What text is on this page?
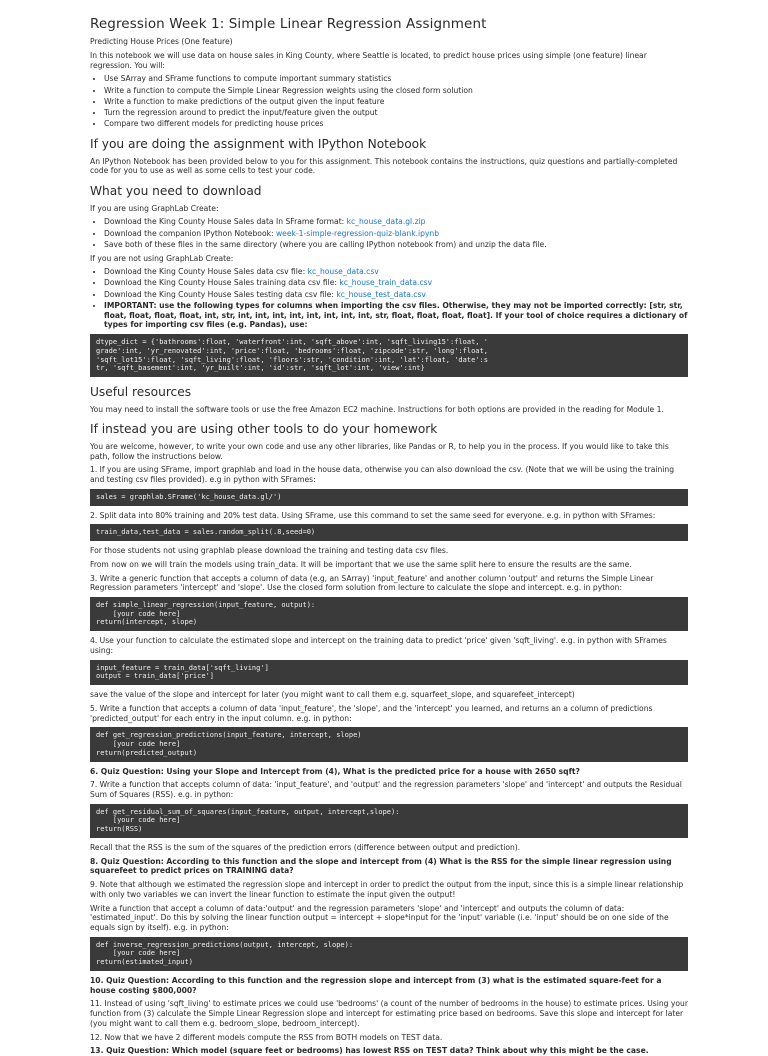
Regression Week 1: Simple Linear Regression Assignment

Predicting House Prices (One feature)

In this notebook we will use data on house sales in King County, where Seattle is located, to predict house prices using simple (one feature) linear regression. You will:

• Use SArray and SFrame functions to compute important summary statistics
• Write a function to compute the Simple Linear Regression weights using the closed form solution
• Write a function to make predictions of the output given the input feature
• Turn the regression around to predict the input/feature given the output
• Compare two different models for predicting house prices
If you are doing the assignment with IPython Notebook

An IPython Notebook has been provided below to you for this assignment. This notebook contains the instructions, quiz questions and partially-completed code for you to use as well as some cells to test your code.

What you need to download

If you are using GraphLab Create:

• Download the King County House Sales data In SFrame format: kc_house_data.gl.zip
• Download the companion IPython Notebook: week-1-simple-regression-quiz-blank.ipynb
• Save both of these files in the same directory (where you are calling IPython notebook from) and unzip the data file.

If you are not using GraphLab Create:

• Download the King County House Sales data csv file: kc_house_data.csv
• Download the King County House Sales training data csv file: kc_house_train_data.csv
• Download the King County House Sales testing data csv file: kc_house_test_data.csv
• IMPORTANT: use the following types for columns when importing the csv files. Otherwise, they may not be imported correctly: [str, str, float, float, float, float, int, str, int, int, int, int, int, int, int, int, str, float, float, float, float]. If your tool of choice requires a dictionary of types for importing csv files (e.g. Pandas), use:
dtype_dict = {'bathrooms':float, 'waterfront':int, 'sqft_above':int, 'sqft_living15':float, '
grade':int, 'yr_renovated':int, 'price':float, 'bedrooms':float, 'zipcode':str, 'long':float,
'sqft_lot15':float, 'sqft_living':float, 'floors':str, 'condition':int, 'lat':float, 'date':s
tr, 'sqft_basement':int, 'yr_built':int, 'id':str, 'sqft_lot':int, 'view':int}
Useful resources

You may need to install the software tools or use the free Amazon EC2 machine. Instructions for both options are provided in the reading for Module 1.

If instead you are using other tools to do your homework

You are welcome, however, to write your own code and use any other libraries, like Pandas or R, to help you in the process. If you would like to take this path, follow the instructions below.

1. If you are using SFrame, import graphlab and load in the house data, otherwise you can also download the csv. (Note that we will be using the training and testing csv files provided). e.g in python with SFrames:

sales = graphlab.SFrame('kc_house_data.gl/')

2. Split data into 80% training and 20% test data. Using SFrame, use this command to set the same seed for everyone. e.g. in python with SFrames:

train_data,test_data = sales.random_split(.8,seed=0)

For those students not using graphlab please download the training and testing data csv files.

From now on we will train the models using train_data. It will be important that we use the same split here to ensure the results are the same.

3. Write a generic function that accepts a column of data (e.g, an SArray) 'input_feature' and another column 'output' and returns the Simple Linear Regression parameters 'intercept' and 'slope'. Use the closed form solution from lecture to calculate the slope and intercept. e.g. in python:

def simple_linear_regression(input_feature, output):
[your code here]
return(intercept, slope)

4. Use your function to calculate the estimated slope and intercept on the training data to predict 'price' given 'sqft_living'. e.g. in python with SFrames using:

input_feature = train_data['sqft_living']
output = train_data['price']

save the value of the slope and intercept for later (you might want to call them e.g. squarfeet_slope, and squarefeet_intercept)

5. Write a function that accepts a column of data 'input_feature', the 'slope', and the 'intercept' you learned, and returns an a column of predictions 'predicted_output' for each entry in the input column. e.g. in python:

def get_regression_predictions(input_feature, intercept, slope)
[your code here]
return(predicted_output)

6. Quiz Question: Using your Slope and Intercept from (4), What is the predicted price for a house with 2650 sqft?

7. Write a function that accepts column of data: 'input_feature', and 'output' and the regression parameters 'slope' and 'intercept' and outputs the Residual Sum of Squares (RSS). e.g. in python:

def get_residual_sum_of_squares(input_feature, output, intercept,slope):
[your code here]
return(RSS)

Recall that the RSS is the sum of the squares of the prediction errors (difference between output and prediction).

8. Quiz Question: According to this function and the slope and intercept from (4) What is the RSS for the simple linear regression using squarefeet to predict prices on TRAINING data?

9. Note that although we estimated the regression slope and intercept in order to predict the output from the input, since this is a simple linear relationship with only two variables we can invert the linear function to estimate the input given the output!

Write a function that accept a column of data:'output' and the regression parameters 'slope' and 'intercept' and outputs the column of data: 'estimated_input'. Do this by solving the linear function output = intercept + slope*input for the 'input' variable (i.e. 'input' should be on one side of the equals sign by itself). e.g. in python:

def inverse_regression_predictions(output, intercept, slope):
[your code here]
return(estimated_input)

10. Quiz Question: According to this function and the regression slope and intercept from (3) what is the estimated square-feet for a house costing $800,000?

11. Instead of using 'sqft_living' to estimate prices we could use 'bedrooms' (a count of the number of bedrooms in the house) to estimate prices. Using your function from (3) calculate the Simple Linear Regression slope and intercept for estimating price based on bedrooms. Save this slope and intercept for later (you might want to call them e.g. bedroom_slope, bedroom_intercept).

12. Now that we have 2 different models compute the RSS from BOTH models on TEST data.

13. Quiz Question: Which model (square feet or bedrooms) has lowest RSS on TEST data? Think about why this might be the case.
